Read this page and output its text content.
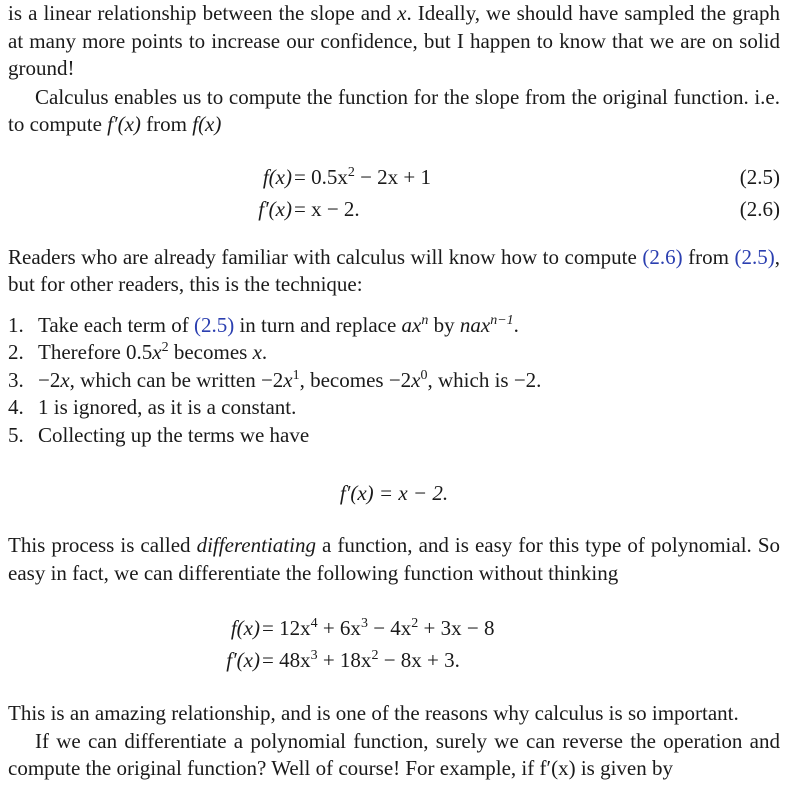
is a linear relationship between the slope and x. Ideally, we should have sampled the graph at many more points to increase our confidence, but I happen to know that we are on solid ground!

Calculus enables us to compute the function for the slope from the original function. i.e. to compute f′(x) from f(x)

$f(x) = 0.5x^2 - 2x + 1$	(2.5)
f′(x) = x − 2.	(2.6)

Readers who are already familiar with calculus will know how to compute (2.6) from (2.5), but for other readers, this is the technique:

1. Take each term of (2.5) in turn and replace $ax^n$ by nax$^{n-1}$.
2. Therefore $0.5x^2$ becomes x.
3. −2x, which can be written $-2x^1$, becomes $-2x^0$, which is −2.
4. 1 is ignored, as it is a constant.
5. Collecting up the terms we have
f′(x) = x − 2.

This process is called differentiating a function, and is easy for this type of polynomial. So easy in fact, we can differentiate the following function without thinking

$f(x) = 12x^4 + 6x^3 - 4x^2 + 3x - 8$
$f'(x) = 48x^3 + 18x^2 - 8x + 3$.

This is an amazing relationship, and is one of the reasons why calculus is so important.

If we can differentiate a polynomial function, surely we can reverse the operation and compute the original function? Well of course! For example, if f′(x) is given by
